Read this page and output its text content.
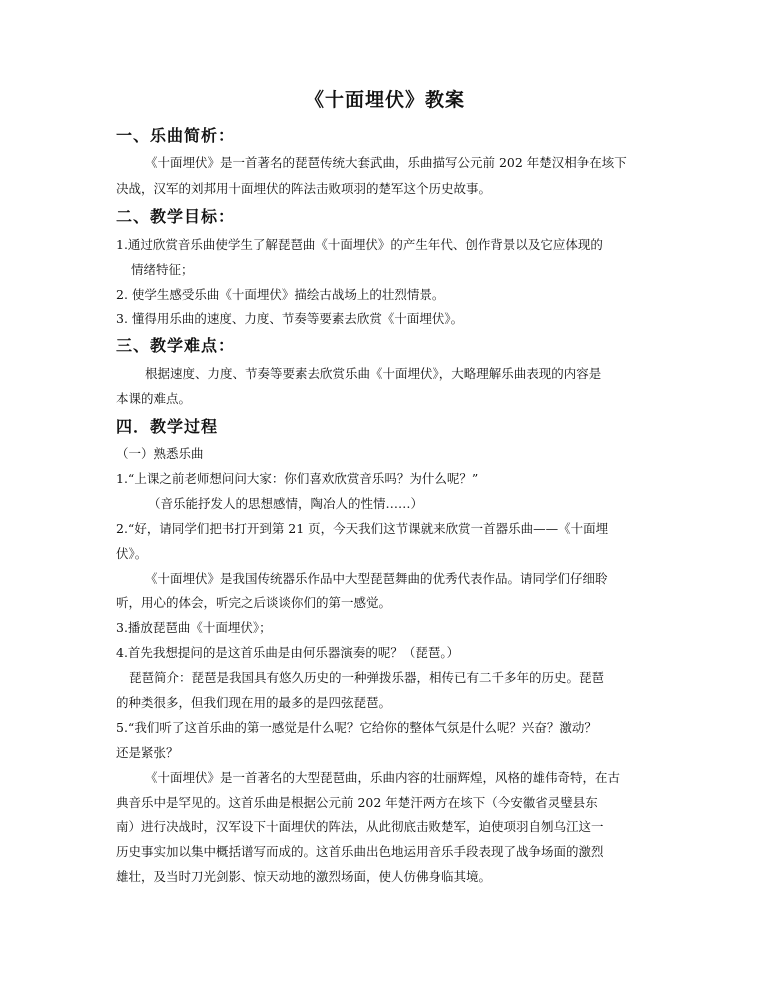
《十面埋伏》教案
一、乐曲简析：
《十面埋伏》是一首著名的琵琶传统大套武曲，乐曲描写公元前 202 年楚汉相争在垓下
决战，汉军的刘邦用十面埋伏的阵法击败项羽的楚军这个历史故事。
二、教学目标：
1.通过欣赏音乐曲使学生了解琵琶曲《十面埋伏》的产生年代、创作背景以及它应体现的
情绪特征；
2. 使学生感受乐曲《十面埋伏》描绘古战场上的壮烈情景。
3. 懂得用乐曲的速度、力度、节奏等要素去欣赏《十面埋伏》。
三、教学难点：
根据速度、力度、节奏等要素去欣赏乐曲《十面埋伏》，大略理解乐曲表现的内容是
本课的难点。
四．教学过程
（一）熟悉乐曲
1.“上课之前老师想问问大家：你们喜欢欣赏音乐吗？为什么呢？”
（音乐能抒发人的思想感情，陶冶人的性情……）
2.“好，请同学们把书打开到第 21 页，今天我们这节课就来欣赏一首器乐曲——《十面埋
伏》。
《十面埋伏》是我国传统器乐作品中大型琵琶舞曲的优秀代表作品。请同学们仔细聆
听，用心的体会，听完之后谈谈你们的第一感觉。
3.播放琵琶曲《十面埋伏》；
4.首先我想提问的是这首乐曲是由何乐器演奏的呢？（琵琶。）
琵琶简介：琵琶是我国具有悠久历史的一种弹拨乐器，相传已有二千多年的历史。琵琶
的种类很多，但我们现在用的最多的是四弦琵琶。
5.“我们听了这首乐曲的第一感觉是什么呢？它给你的整体气氛是什么呢？兴奋？激动？
还是紧张？
《十面埋伏》是一首著名的大型琵琶曲，乐曲内容的壮丽辉煌，风格的雄伟奇特，在古
典音乐中是罕见的。这首乐曲是根据公元前 202 年楚汗两方在垓下（今安徽省灵璧县东
南）进行决战时，汉军设下十面埋伏的阵法，从此彻底击败楚军，迫使项羽自刎乌江这一
历史事实加以集中概括谱写而成的。这首乐曲出色地运用音乐手段表现了战争场面的激烈
雄壮，及当时刀光剑影、惊天动地的激烈场面，使人仿佛身临其境。
